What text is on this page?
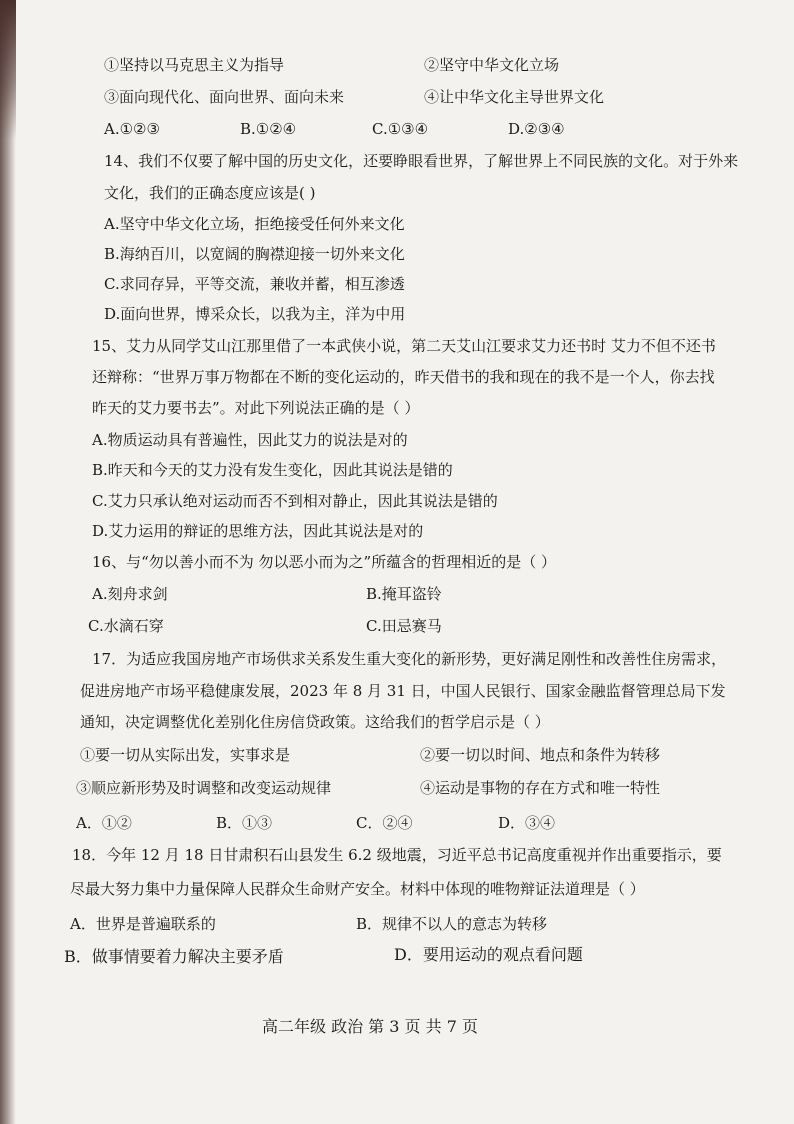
①坚持以马克思主义为指导	②坚守中华文化立场
③面向现代化、面向世界、面向未来	④让中华文化主导世界文化
A.①②③	B.①②④	C.①③④	D.②③④
14、我们不仅要了解中国的历史文化，还要睁眼看世界，了解世界上不同民族的文化。对于外来
文化，我们的正确态度应该是( )
A.坚守中华文化立场，拒绝接受任何外来文化
B.海纳百川，以宽阔的胸襟迎接一切外来文化
C.求同存异，平等交流，兼收并蓄，相互渗透
D.面向世界，博采众长，以我为主，洋为中用
15、艾力从同学艾山江那里借了一本武侠小说，第二天艾山江要求艾力还书时 艾力不但不还书
还辩称：“世界万事万物都在不断的变化运动的，昨天借书的我和现在的我不是一个人，你去找
昨天的艾力要书去”。对此下列说法正确的是（ ）
A.物质运动具有普遍性，因此艾力的说法是对的
B.昨天和今天的艾力没有发生变化，因此其说法是错的
C.艾力只承认绝对运动而否不到相对静止，因此其说法是错的
D.艾力运用的辩证的思维方法，因此其说法是对的
16、与“勿以善小而不为 勿以恶小而为之”所蕴含的哲理相近的是（ ）
A.刻舟求剑	B.掩耳盗铃
C.水滴石穿	C.田忌赛马
17．为适应我国房地产市场供求关系发生重大变化的新形势，更好满足刚性和改善性住房需求，
促进房地产市场平稳健康发展，2023 年 8 月 31 日，中国人民银行、国家金融监督管理总局下发
通知，决定调整优化差别化住房信贷政策。这给我们的哲学启示是（ ）
①要一切从实际出发，实事求是	②要一切以时间、地点和条件为转移
③顺应新形势及时调整和改变运动规律	④运动是事物的存在方式和唯一特性
A．①②	B．①③	C．②④	D．③④
18．今年 12 月 18 日甘肃积石山县发生 6.2 级地震，习近平总书记高度重视并作出重要指示，要
尽最大努力集中力量保障人民群众生命财产安全。材料中体现的唯物辩证法道理是（ ）
A．世界是普遍联系的	B．规律不以人的意志为转移
B．做事情要着力解决主要矛盾	D．要用运动的观点看问题
高二年级 政治 第 3 页 共 7 页
